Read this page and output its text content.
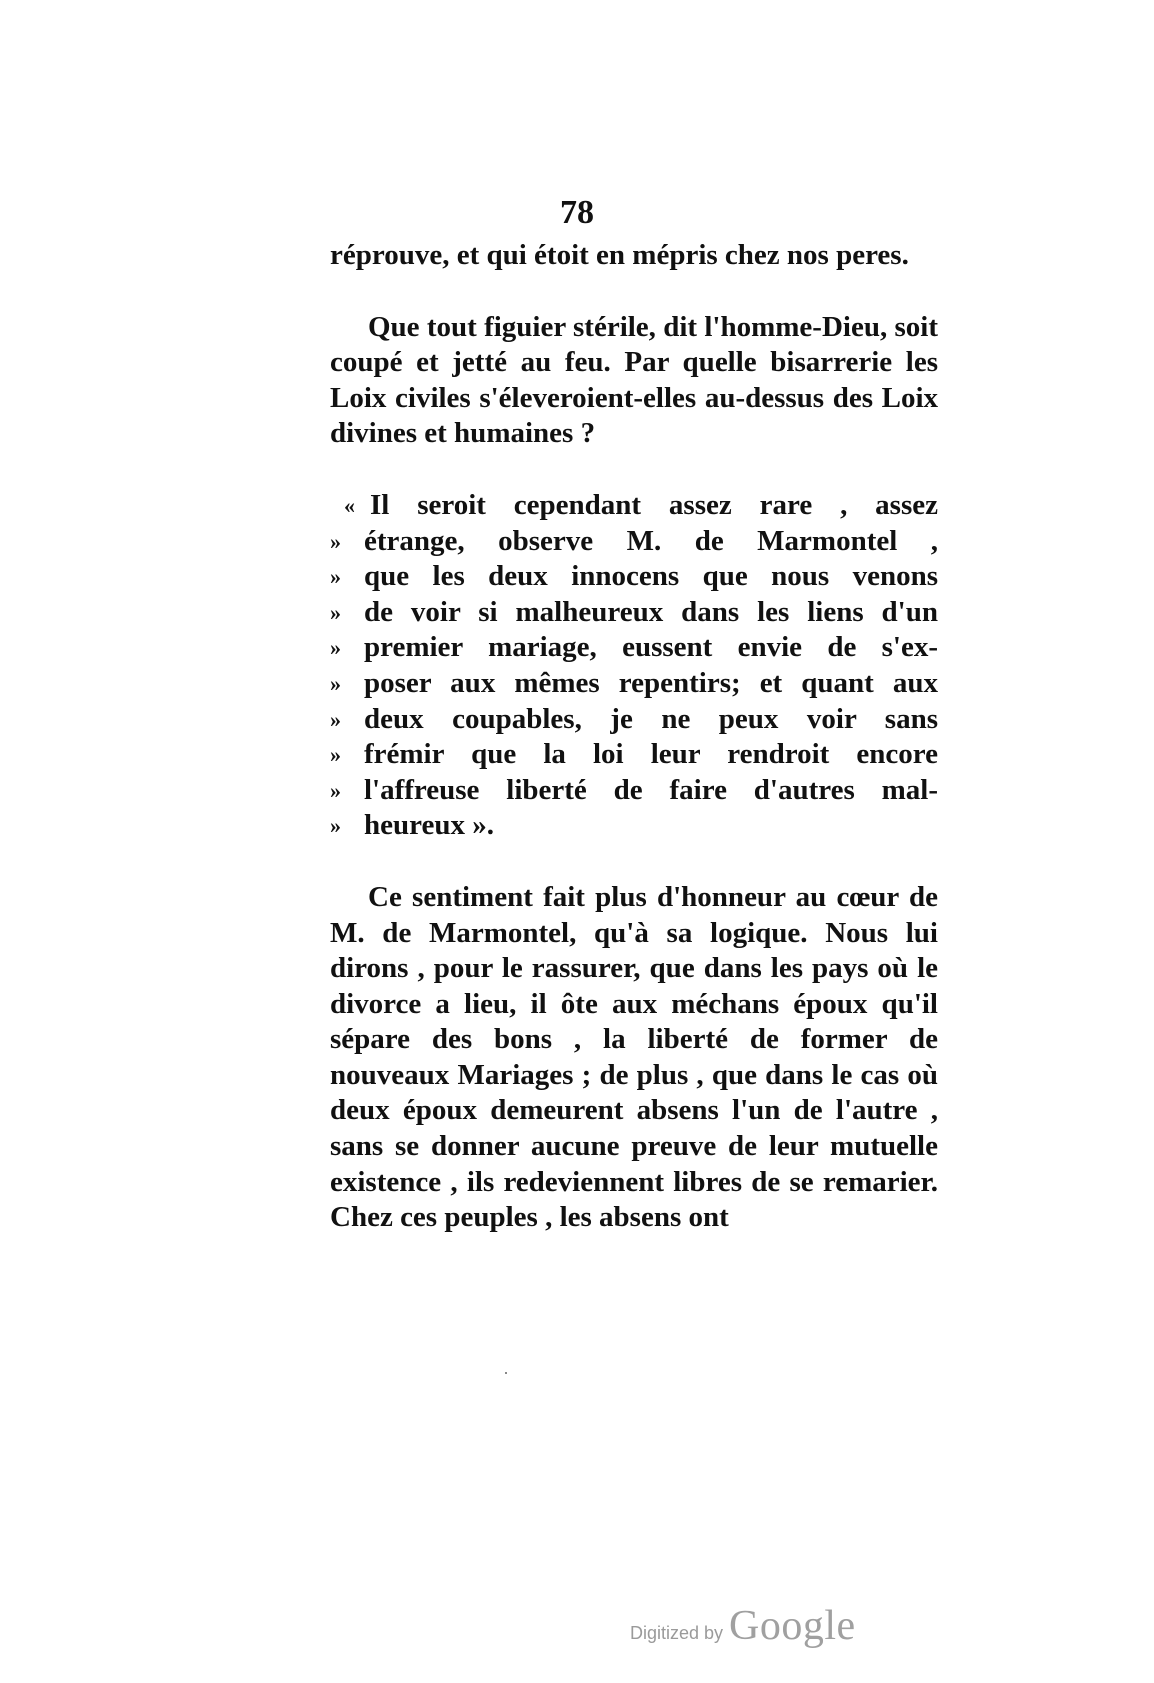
78

réprouve, et qui étoit en mépris chez nos peres.

Que tout figuier stérile, dit l'homme-Dieu, soit coupé et jetté au feu. Par quelle bisarrerie les Loix civiles s'éleveroient-elles au-dessus des Loix divines et humaines ?

« Il seroit cependant assez rare , assez
» étrange, observe M. de Marmontel ,
» que les deux innocens que nous venons
» de voir si malheureux dans les liens d'un
» premier mariage, eussent envie de s'ex-
» poser aux mêmes repentirs; et quant aux
» deux coupables, je ne peux voir sans
» frémir que la loi leur rendroit encore
» l'affreuse liberté de faire d'autres mal-
» heureux ».

Ce sentiment fait plus d'honneur au cœur de M. de Marmontel, qu'à sa logique. Nous lui dirons , pour le rassurer, que dans les pays où le divorce a lieu, il ôte aux méchans époux qu'il sépare des bons , la liberté de former de nouveaux Mariages ; de plus , que dans le cas où deux époux demeurent absens l'un de l'autre , sans se donner aucune preuve de leur mutuelle existence , ils redeviennent libres de se remarier. Chez ces peuples , les absens ont

Digitized by Google
